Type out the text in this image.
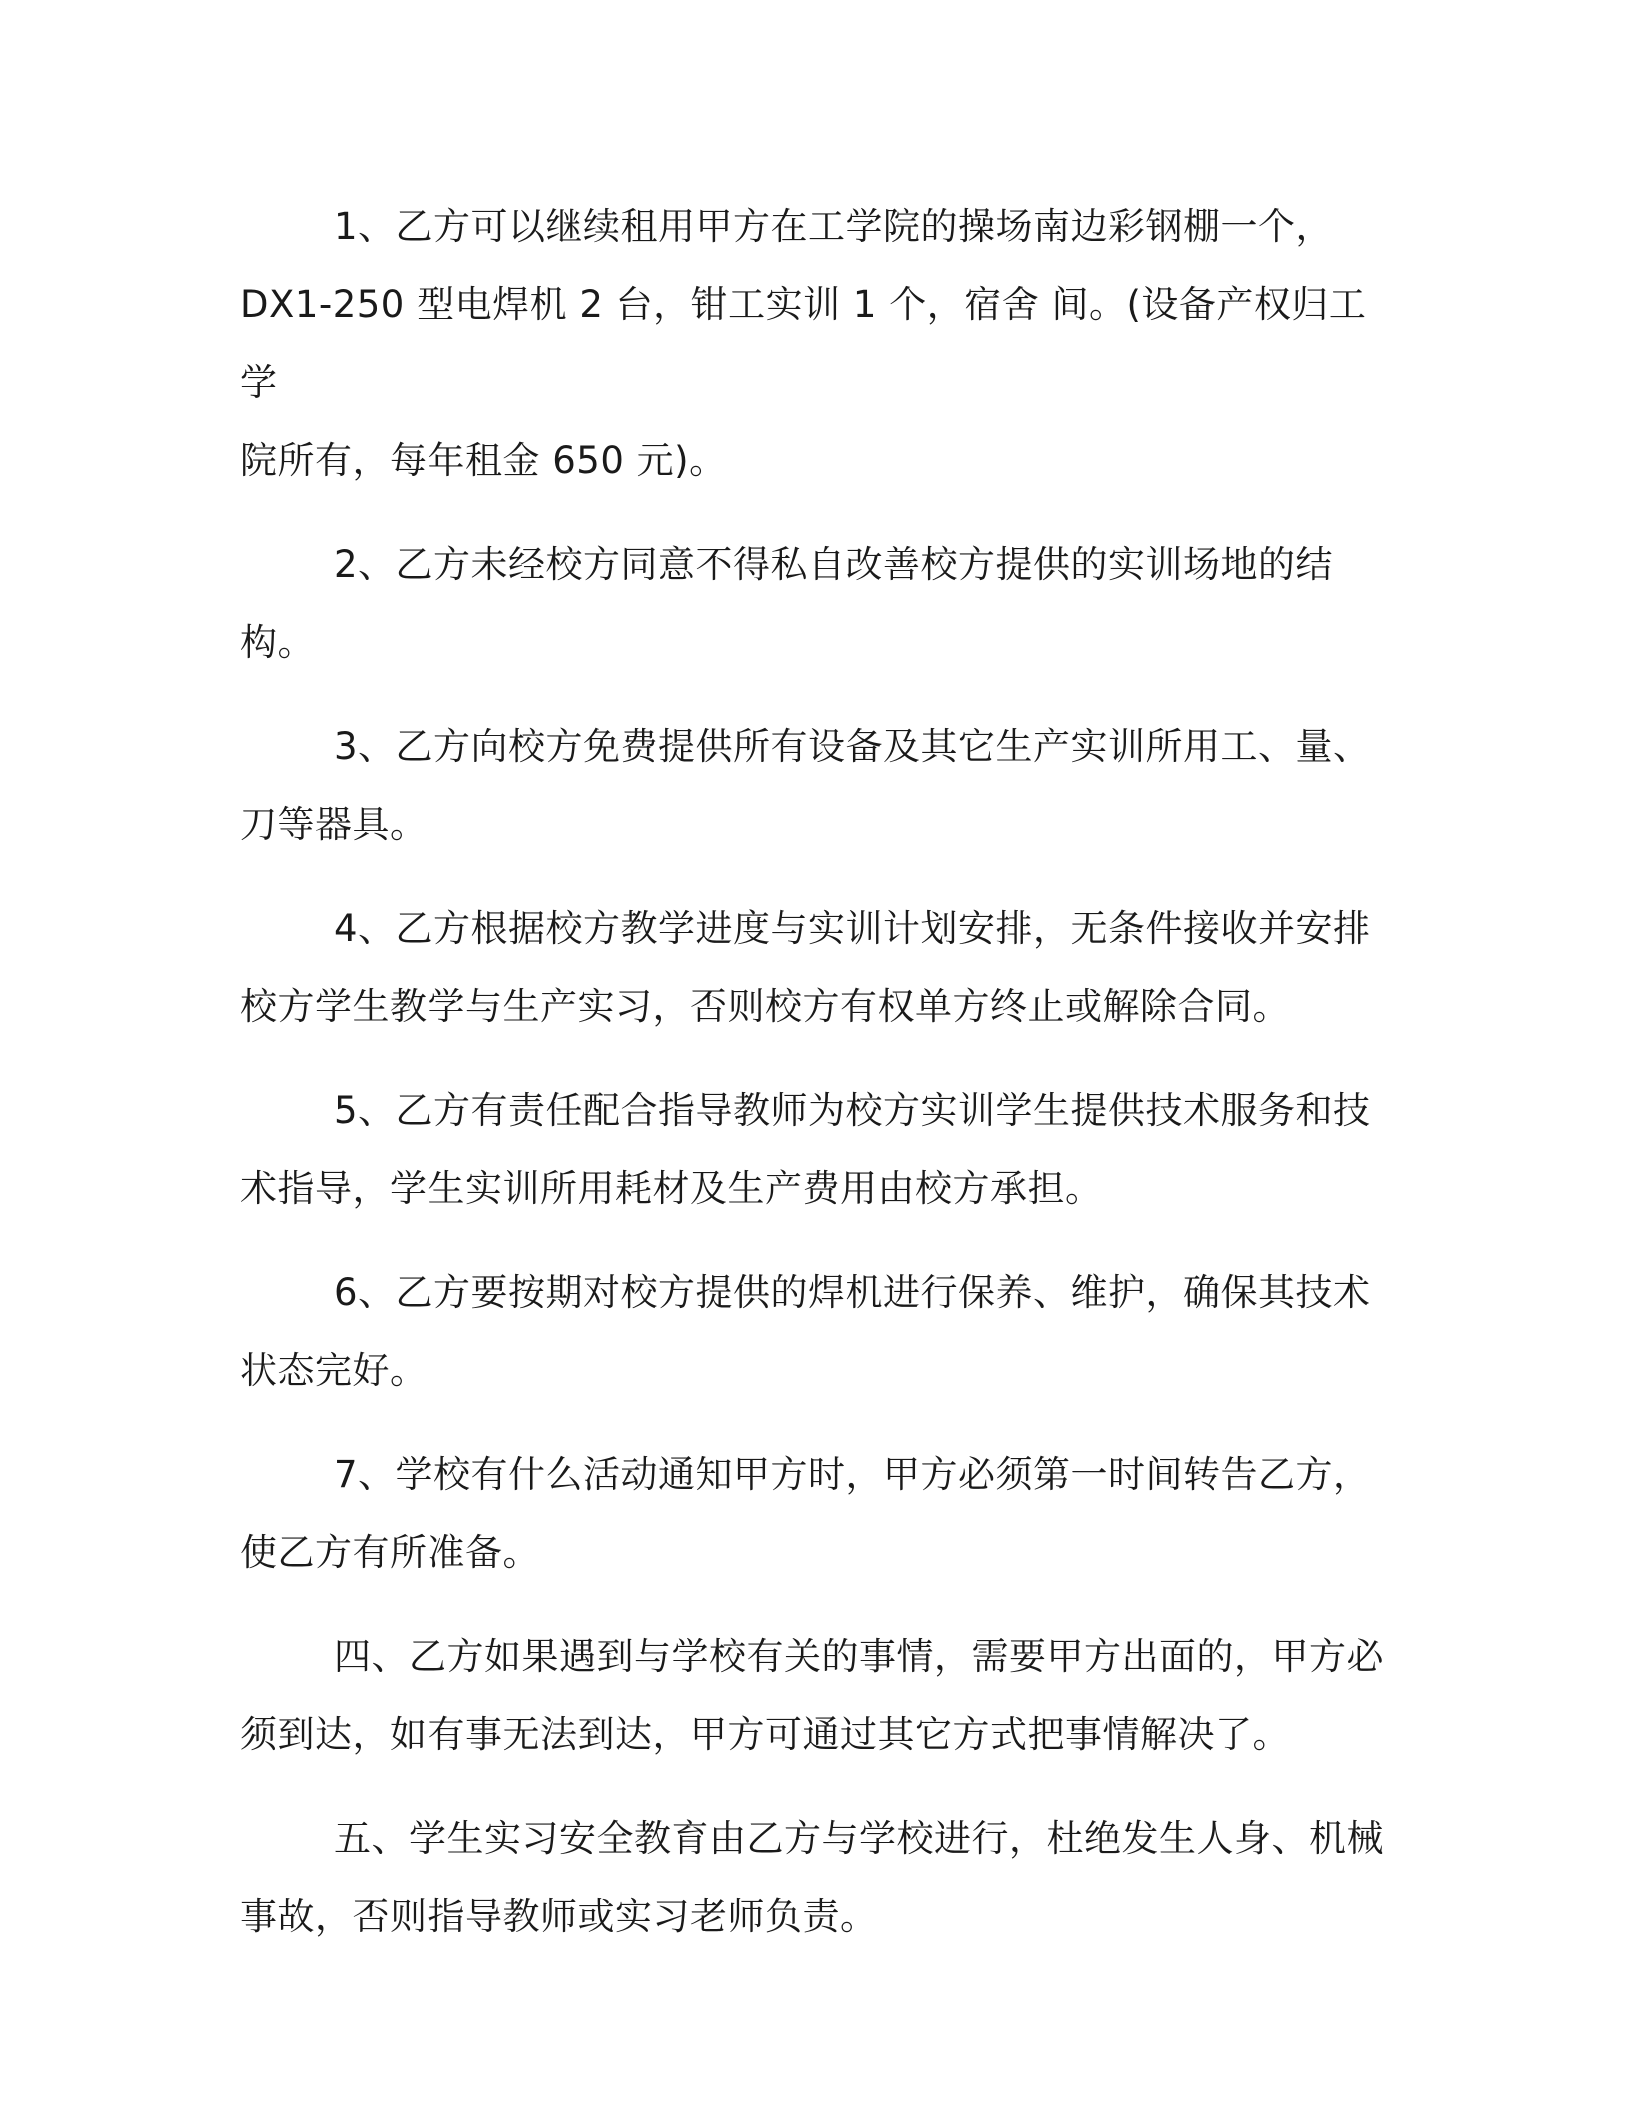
1、乙方可以继续租用甲方在工学院的操场南边彩钢棚一个，
DX1-250 型电焊机 2 台，钳工实训 1 个，宿舍 间。(设备产权归工学
院所有，每年租金 650 元)。

2、乙方未经校方同意不得私自改善校方提供的实训场地的结构。

3、乙方向校方免费提供所有设备及其它生产实训所用工、量、
刀等器具。

4、乙方根据校方教学进度与实训计划安排，无条件接收并安排
校方学生教学与生产实习，否则校方有权单方终止或解除合同。

5、乙方有责任配合指导教师为校方实训学生提供技术服务和技
术指导，学生实训所用耗材及生产费用由校方承担。

6、乙方要按期对校方提供的焊机进行保养、维护，确保其技术
状态完好。

7、学校有什么活动通知甲方时，甲方必须第一时间转告乙方，
使乙方有所准备。

四、乙方如果遇到与学校有关的事情，需要甲方出面的，甲方必
须到达，如有事无法到达，甲方可通过其它方式把事情解决了。

五、学生实习安全教育由乙方与学校进行，杜绝发生人身、机械
事故，否则指导教师或实习老师负责。
